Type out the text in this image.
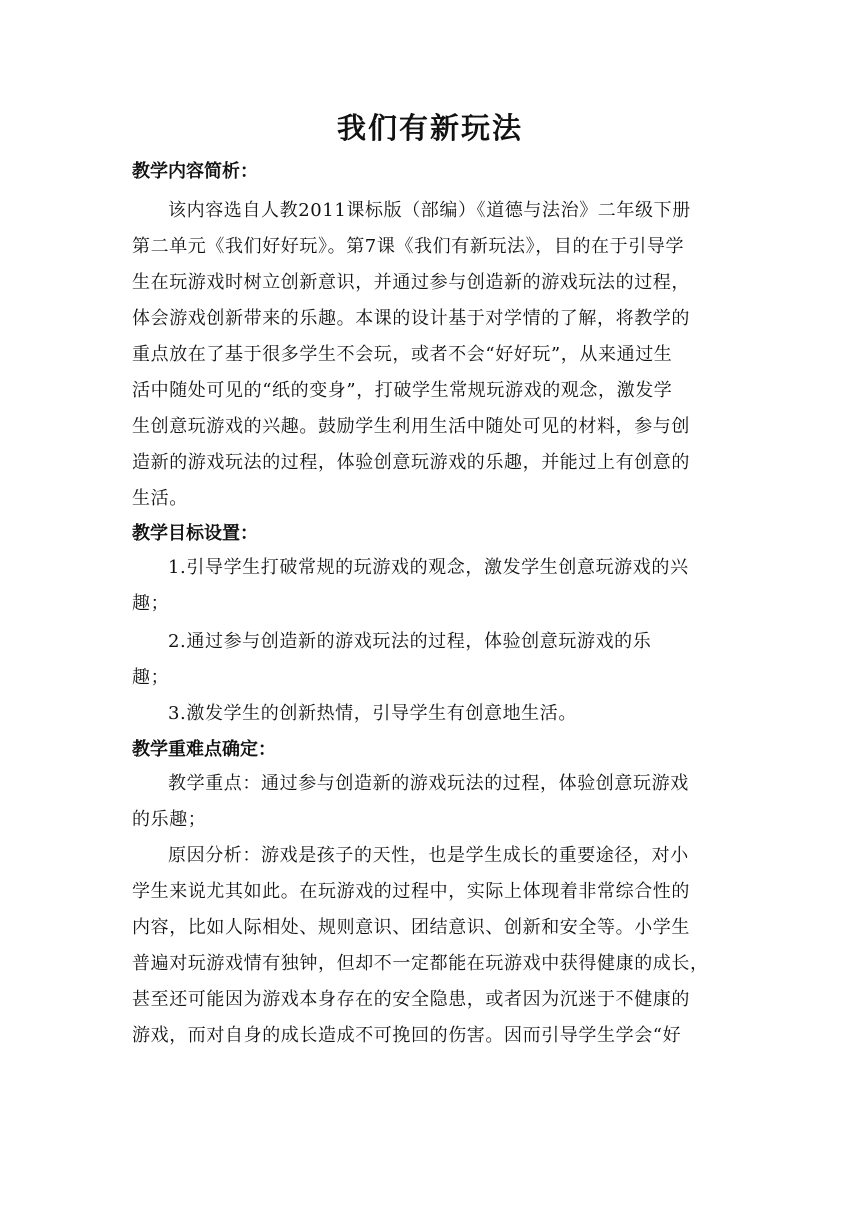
我们有新玩法
教学内容简析：
该内容选自人教2011课标版（部编）《道德与法治》二年级下册
第二单元《我们好好玩》。第7课《我们有新玩法》，目的在于引导学
生在玩游戏时树立创新意识，并通过参与创造新的游戏玩法的过程，
体会游戏创新带来的乐趣。本课的设计基于对学情的了解，将教学的
重点放在了基于很多学生不会玩，或者不会“好好玩”，从来通过生
活中随处可见的“纸的变身”，打破学生常规玩游戏的观念，激发学
生创意玩游戏的兴趣。鼓励学生利用生活中随处可见的材料，参与创
造新的游戏玩法的过程，体验创意玩游戏的乐趣，并能过上有创意的
生活。
教学目标设置：
1.引导学生打破常规的玩游戏的观念，激发学生创意玩游戏的兴
趣；
2.通过参与创造新的游戏玩法的过程，体验创意玩游戏的乐
趣；
3.激发学生的创新热情，引导学生有创意地生活。
教学重难点确定：
教学重点：通过参与创造新的游戏玩法的过程，体验创意玩游戏
的乐趣；
原因分析：游戏是孩子的天性，也是学生成长的重要途径，对小
学生来说尤其如此。在玩游戏的过程中，实际上体现着非常综合性的
内容，比如人际相处、规则意识、团结意识、创新和安全等。小学生
普遍对玩游戏情有独钟，但却不一定都能在玩游戏中获得健康的成长，
甚至还可能因为游戏本身存在的安全隐患，或者因为沉迷于不健康的
游戏，而对自身的成长造成不可挽回的伤害。因而引导学生学会“好
